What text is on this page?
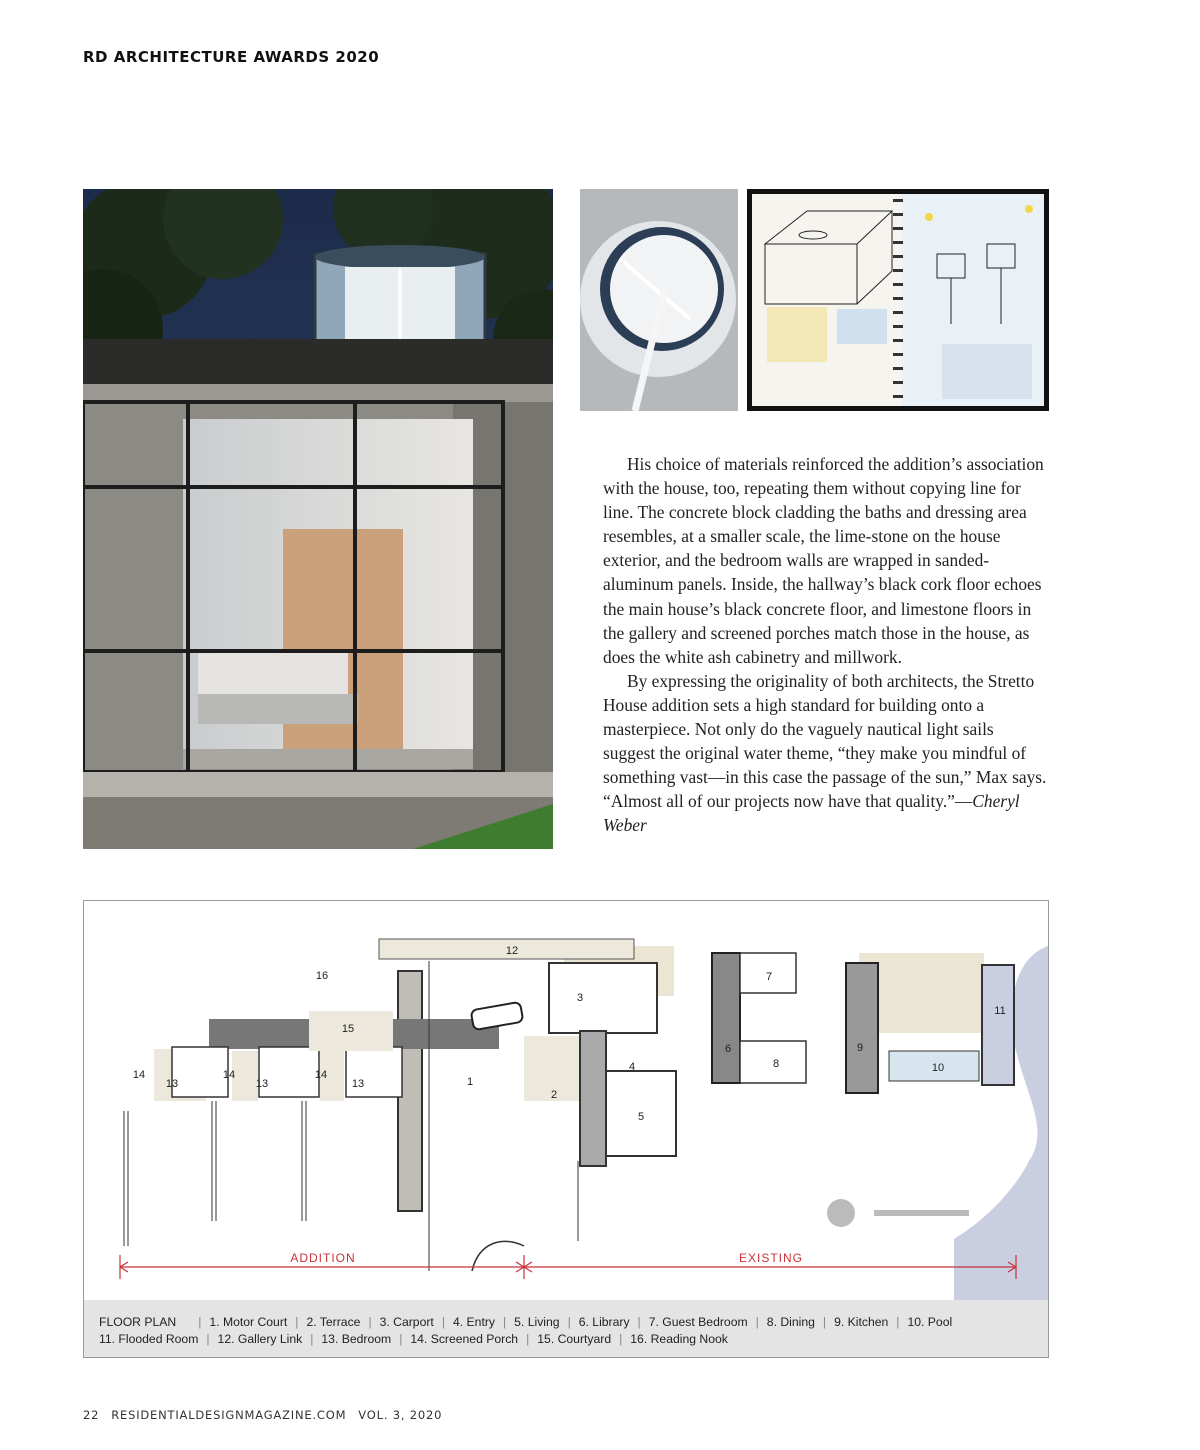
RD ARCHITECTURE AWARDS 2020

His choice of materials reinforced the addition’s association with the house, too, repeating them without copying line for line. The concrete block cladding the baths and dressing area resembles, at a smaller scale, the lime-stone on the house exterior, and the bedroom walls are wrapped in sanded-aluminum panels. Inside, the hallway’s black cork floor echoes the main house’s black concrete floor, and limestone floors in the gallery and screened porches match those in the house, as does the white ash cabinetry and millwork.

By expressing the originality of both architects, the Stretto House addition sets a high standard for building onto a masterpiece. Not only do the vaguely nautical light sails suggest the original water theme, “they make you mindful of something vast—in this case the passage of the sun,” Max says. “Almost all of our projects now have that quality.”—Cheryl Weber

1
2
3
4
5
6
7
8
9
10
11
12
13	13	13
14	14	14
15
16
ADDITION	EXISTING
FLOOR PLAN | 1. Motor Court | 2. Terrace | 3. Carport | 4. Entry | 5. Living | 6. Library | 7. Guest Bedroom | 8. Dining | 9. Kitchen | 10. Pool
11. Flooded Room | 12. Gallery Link | 13. Bedroom | 14. Screened Porch | 15. Courtyard | 16. Reading Nook
22 RESIDENTIALDESIGNMAGAZINE.COM VOL. 3, 2020
